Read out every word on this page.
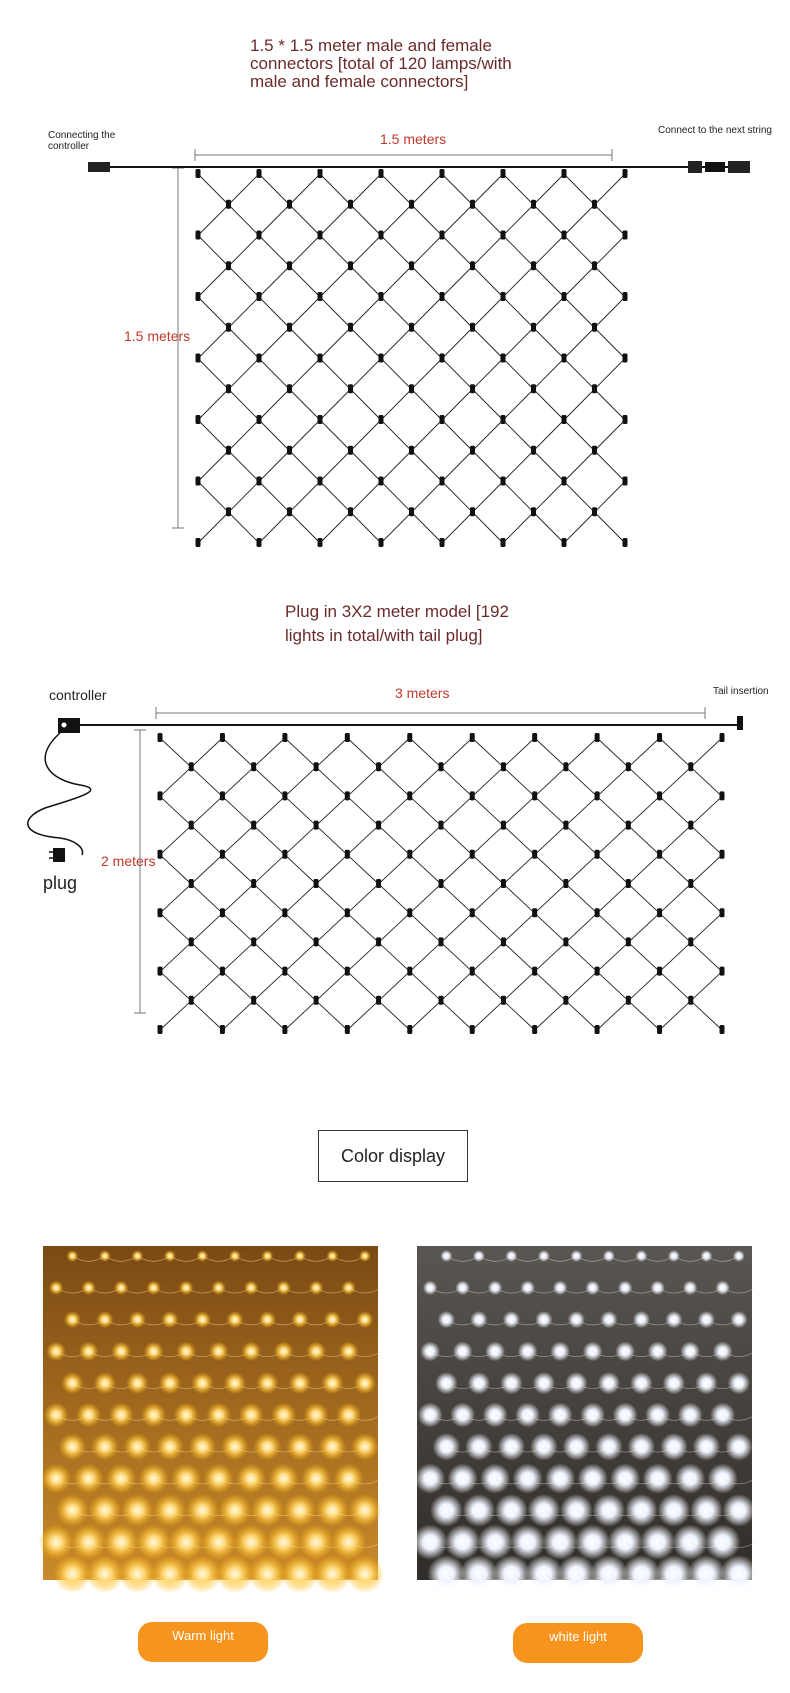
1.5 * 1.5 meter male and female connectors [total of 120 lamps/with male and female connectors]
Connecting the controller
Connect to the next string
1.5 meters
1.5 meters
Plug in 3X2 meter model [192 lights in total/with tail plug]
controller	Tail insertion
3 meters
2 meters
plug
Color display
Warm light	white light
